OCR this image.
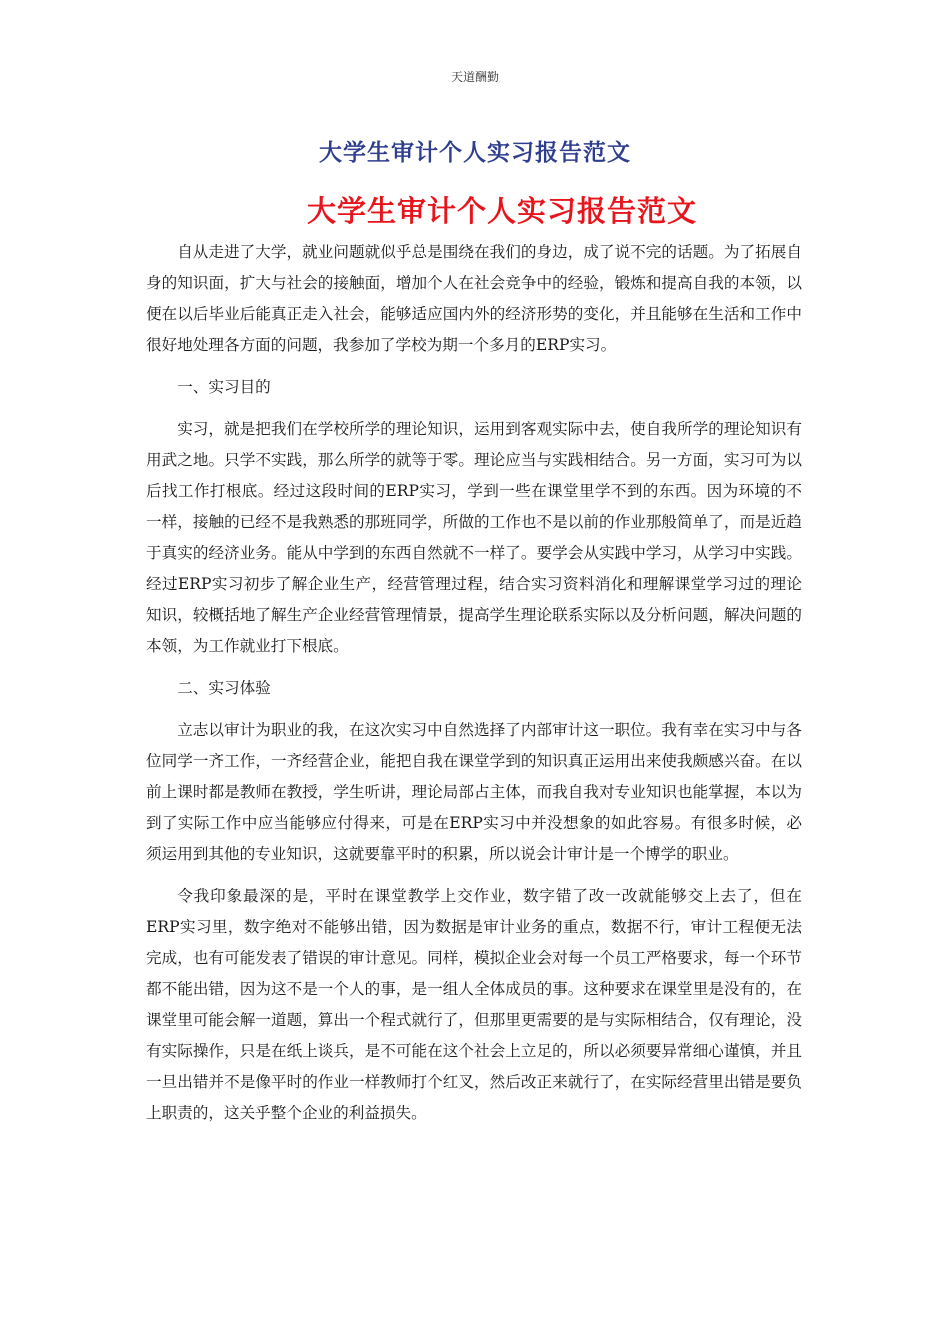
天道酬勤
大学生审计个人实习报告范文
大学生审计个人实习报告范文

自从走进了大学，就业问题就似乎总是围绕在我们的身边，成了说不完的话题。为了拓展自身的知识面，扩大与社会的接触面，增加个人在社会竞争中的经验，锻炼和提高自我的本领，以便在以后毕业后能真正走入社会，能够适应国内外的经济形势的变化，并且能够在生活和工作中很好地处理各方面的问题，我参加了学校为期一个多月的ERP实习。

一、实习目的

实习，就是把我们在学校所学的理论知识，运用到客观实际中去，使自我所学的理论知识有用武之地。只学不实践，那么所学的就等于零。理论应当与实践相结合。另一方面，实习可为以后找工作打根底。经过这段时间的ERP实习，学到一些在课堂里学不到的东西。因为环境的不一样，接触的已经不是我熟悉的那班同学，所做的工作也不是以前的作业那般简单了，而是近趋于真实的经济业务。能从中学到的东西自然就不一样了。要学会从实践中学习，从学习中实践。经过ERP实习初步了解企业生产，经营管理过程，结合实习资料消化和理解课堂学习过的理论知识，较概括地了解生产企业经营管理情景，提高学生理论联系实际以及分析问题，解决问题的本领，为工作就业打下根底。

二、实习体验

立志以审计为职业的我，在这次实习中自然选择了内部审计这一职位。我有幸在实习中与各位同学一齐工作，一齐经营企业，能把自我在课堂学到的知识真正运用出来使我颇感兴奋。在以前上课时都是教师在教授，学生听讲，理论局部占主体，而我自我对专业知识也能掌握，本以为到了实际工作中应当能够应付得来，可是在ERP实习中并没想象的如此容易。有很多时候，必须运用到其他的专业知识，这就要靠平时的积累，所以说会计审计是一个博学的职业。

令我印象最深的是，平时在课堂教学上交作业，数字错了改一改就能够交上去了，但在ERP实习里，数字绝对不能够出错，因为数据是审计业务的重点，数据不行，审计工程便无法完成，也有可能发表了错误的审计意见。同样，模拟企业会对每一个员工严格要求，每一个环节都不能出错，因为这不是一个人的事，是一组人全体成员的事。这种要求在课堂里是没有的，在课堂里可能会解一道题，算出一个程式就行了，但那里更需要的是与实际相结合，仅有理论，没有实际操作，只是在纸上谈兵，是不可能在这个社会上立足的，所以必须要异常细心谨慎，并且一旦出错并不是像平时的作业一样教师打个红叉，然后改正来就行了，在实际经营里出错是要负上职责的，这关乎整个企业的利益损失。
